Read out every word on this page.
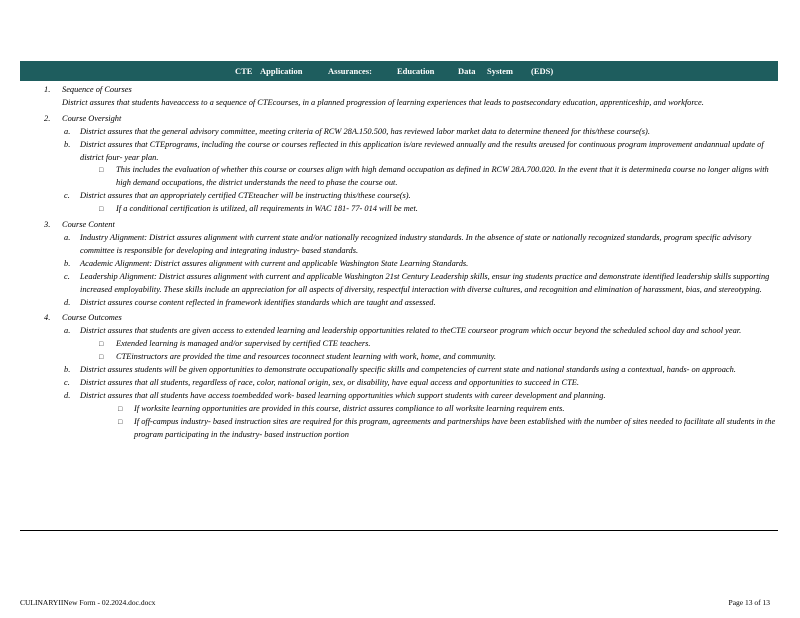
CTE Application	Assurances:	Education	Data System (EDS)
1.	Sequence of Courses
District assures that students haveaccess to a sequence of CTEcourses, in a planned progression of learning experiences that leads to postsecondary education, apprenticeship, and workforce.
2.	Course Oversight
a. District assures that the general advisory committee, meeting criteria of RCW 28A.150.500, has reviewed labor market data to determine theneed for this/these course(s).
b. District assures that CTEprograms, including the course or courses reflected in this application is/are reviewed annually and the results areused for continuous program improvement andannual update of district four- year plan.
□ This includes the evaluation of whether this course or courses align with high demand occupation as defined in RCW 28A.700.020. In the event that it is determineda course no longer aligns with high demand occupations, the district understands the need to phase the course out.
c. District assures that an appropriately certified CTEteacher will be instructing this/these course(s).
□ If a conditional certification is utilized, all requirements in WAC 181- 77- 014 will be met.
3.	Course Content
a. Industry Alignment: District assures alignment with current state and/or nationally recognized industry standards. In the absence of state or nationally recognized standards, program specific advisory committee is responsible for developing and integrating industry- based standards.
b. Academic Alignment: District assures alignment with current and applicable Washington State Learning Standards.
c. Leadership Alignment: District assures alignment with current and applicable Washington 21st Century Leadership skills, ensur ing students practice and demonstrate identified leadership skills supporting increased employability. These skills include an appreciation for all aspects of diversity, respectful interaction with diverse cultures, and recognition and elimination of harassment, bias, and stereotyping.
d. District assures course content reflected in framework identifies standards which are taught and assessed.
4.	Course Outcomes
a. District assures that students are given access to extended learning and leadership opportunities related to theCTE courseor program which occur beyond the scheduled school day and school year.
□ Extended learning is managed and/or supervised by certified CTE teachers.
□ CTEinstructors are provided the time and resources toconnect student learning with work, home, and community.
b. District assures students will be given opportunities to demonstrate occupationally specific skills and competencies of current state and national standards using a contextual, hands- on approach.
c. District assures that all students, regardless of race, color, national origin, sex, or disability, have equal access and opportunities to succeed in CTE.
d. District assures that all students have access toembedded work- based learning opportunities which support students with career development and planning.
□ If worksite learning opportunities are provided in this course, district assures compliance to all worksite learning requirem ents.
□ If off-campus industry- based instruction sites are required for this program, agreements and partnerships have been established with the number of sites needed to facilitate all students in the program participating in the industry- based instruction portion
CULINARYIINew Form - 02.2024.doc.docx	Page 13 of 13
